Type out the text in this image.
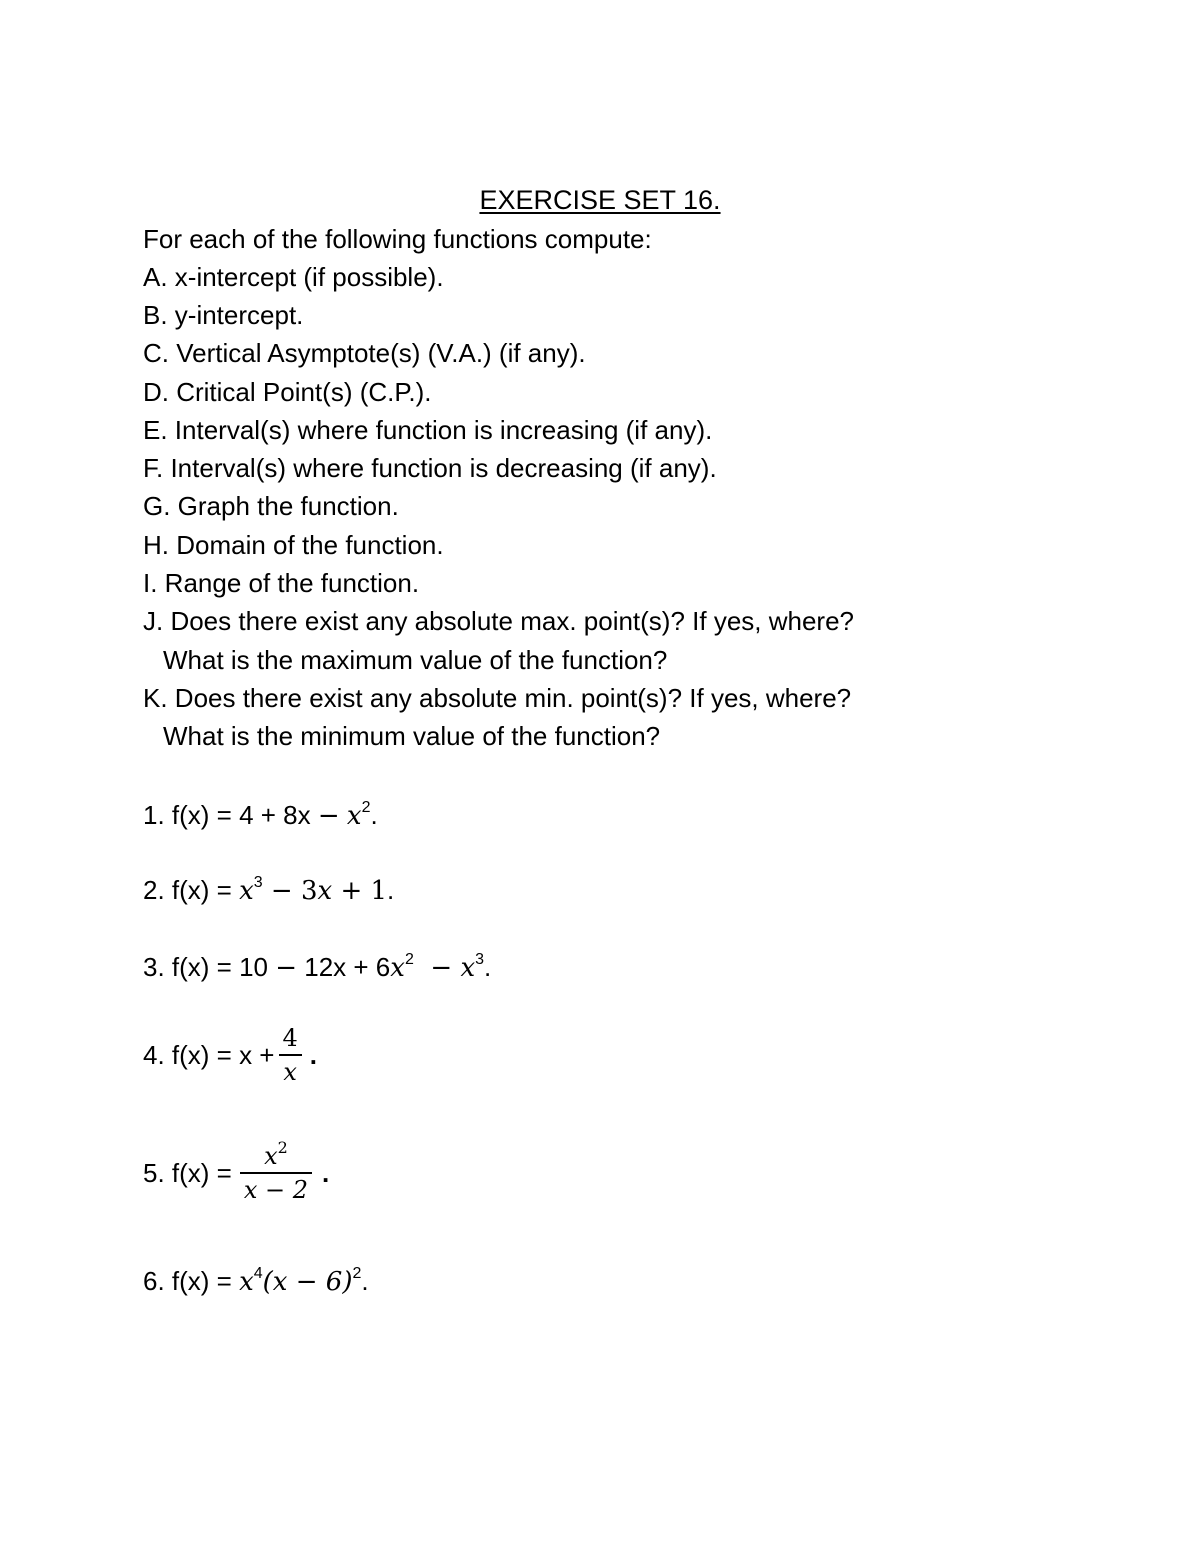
EXERCISE SET 16.
For each of the following functions compute:
A. x-intercept (if possible).
B. y-intercept.
C. Vertical Asymptote(s) (V.A.) (if any).
D. Critical Point(s) (C.P.).
E. Interval(s) where function is increasing (if any).
F. Interval(s) where function is decreasing (if any).
G. Graph the function.
H. Domain of the function.
I. Range of the function.
J. Does there exist any absolute max. point(s)? If yes, where?
What is the maximum value of the function?
K. Does there exist any absolute min. point(s)? If yes, where?
What is the minimum value of the function?
1. $f(x) = 4 + 8x - x^2$.
2. $f(x) = x^3 - 3x + 1$.
3. $f(x) = 10 - 12x + 6x^2 - x^3$.
4. $f(x) = x + \frac{4}{x}$ .
5. $f(x) = \frac{x^2}{x - 2}$ .
6. $f(x) = x^4(x - 6)^2$.
